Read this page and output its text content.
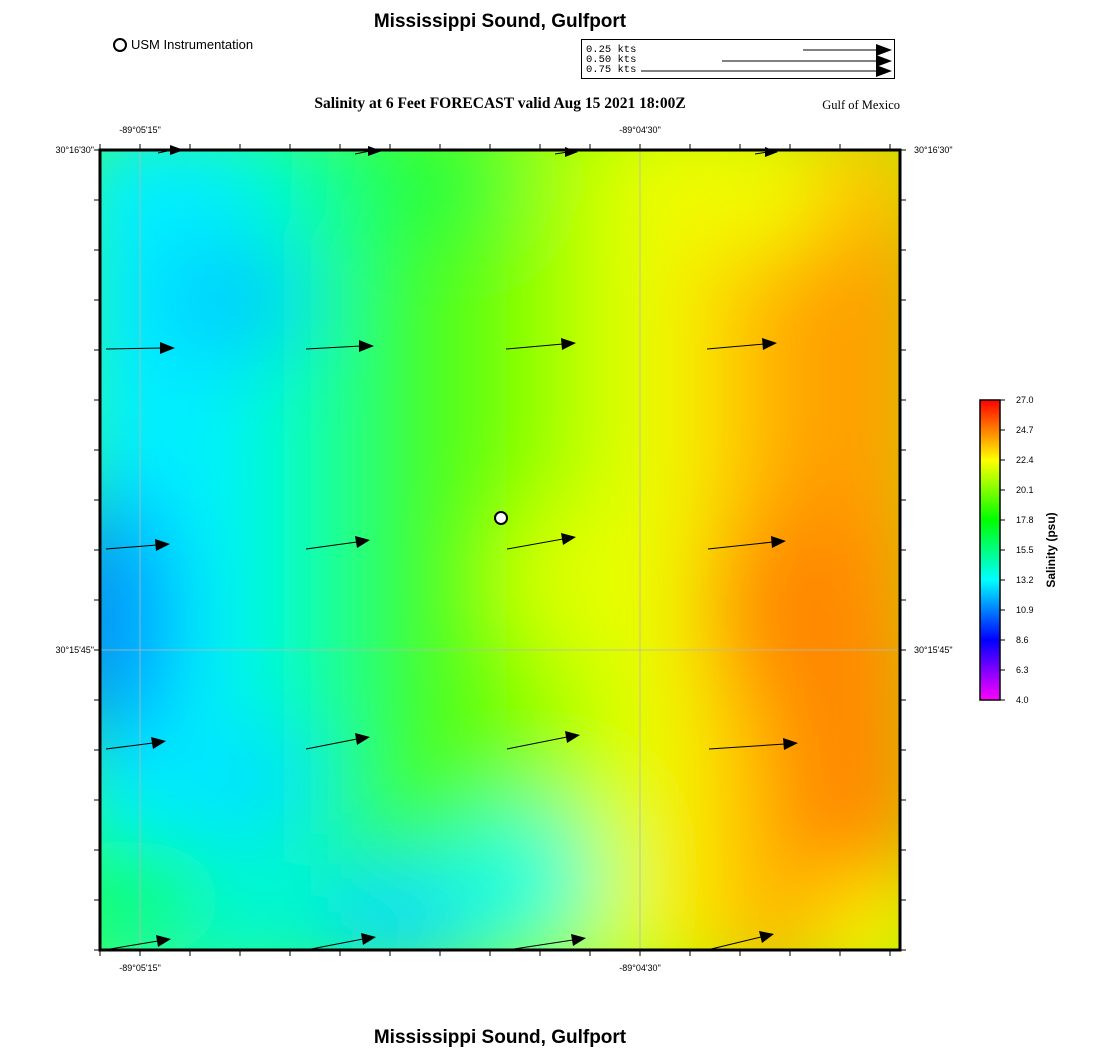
Mississippi Sound, Gulfport
USM Instrumentation	0.25 kts
0.50 kts
0.75 kts
Salinity at 6 Feet FORECAST valid Aug 15 2021 18:00Z	Gulf of Mexico
-89°05'15"	-89°04'30"
-89°05'15"	-89°04'30"
30°16'30"
30°15'45"
30°16'30"
30°15'45"
27.0
24.7
22.4
20.1
17.8
15.5
13.2
10.9
8.6
6.3
4.0
Salinity (psu)
Mississippi Sound, Gulfport
